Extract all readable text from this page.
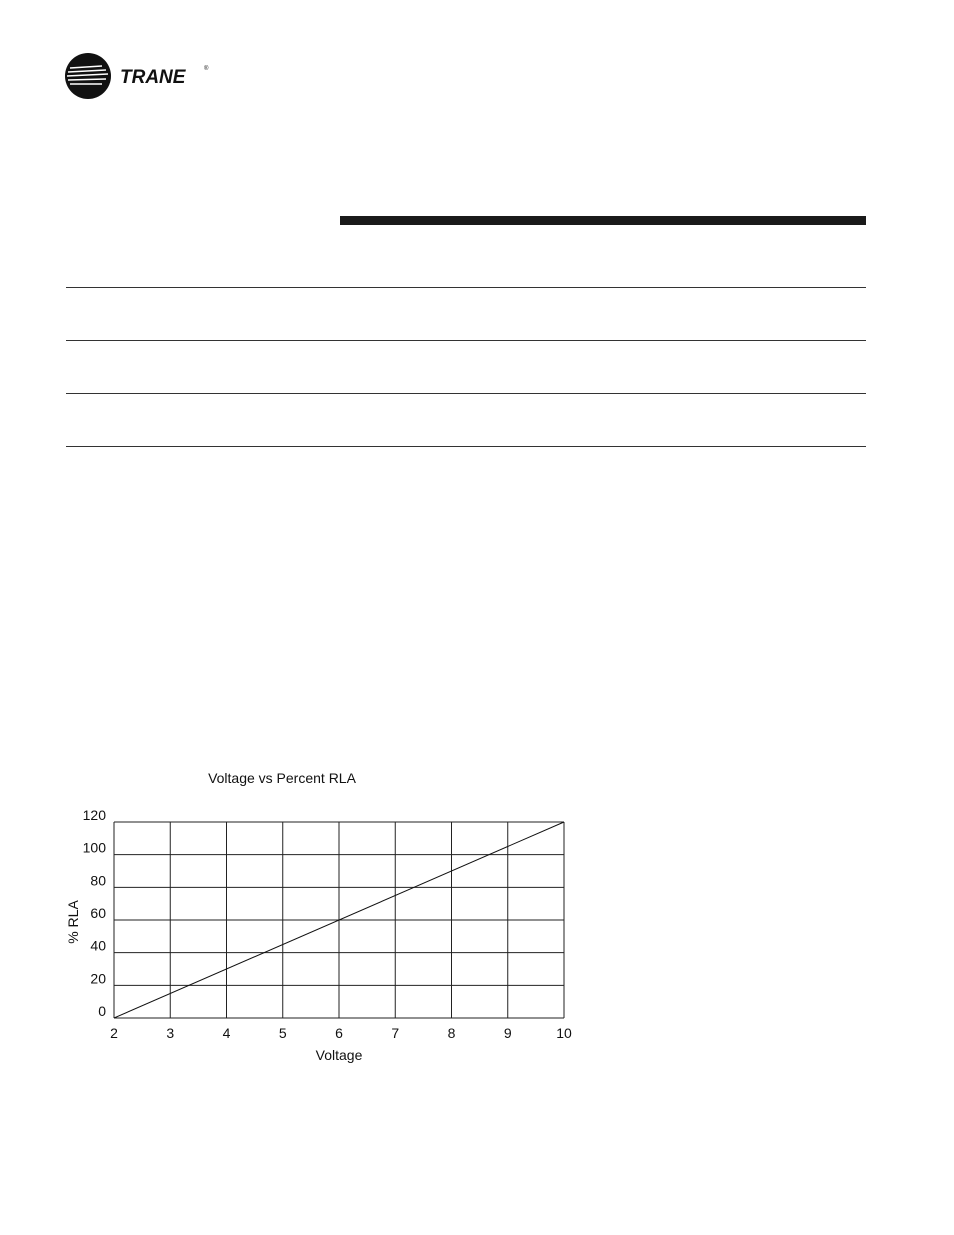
TRANE	®
Voltage vs Percent RLA
2	3	4	5	6	7	8	9	10
0
20
40
60
80
100
120
Voltage
% RLA
